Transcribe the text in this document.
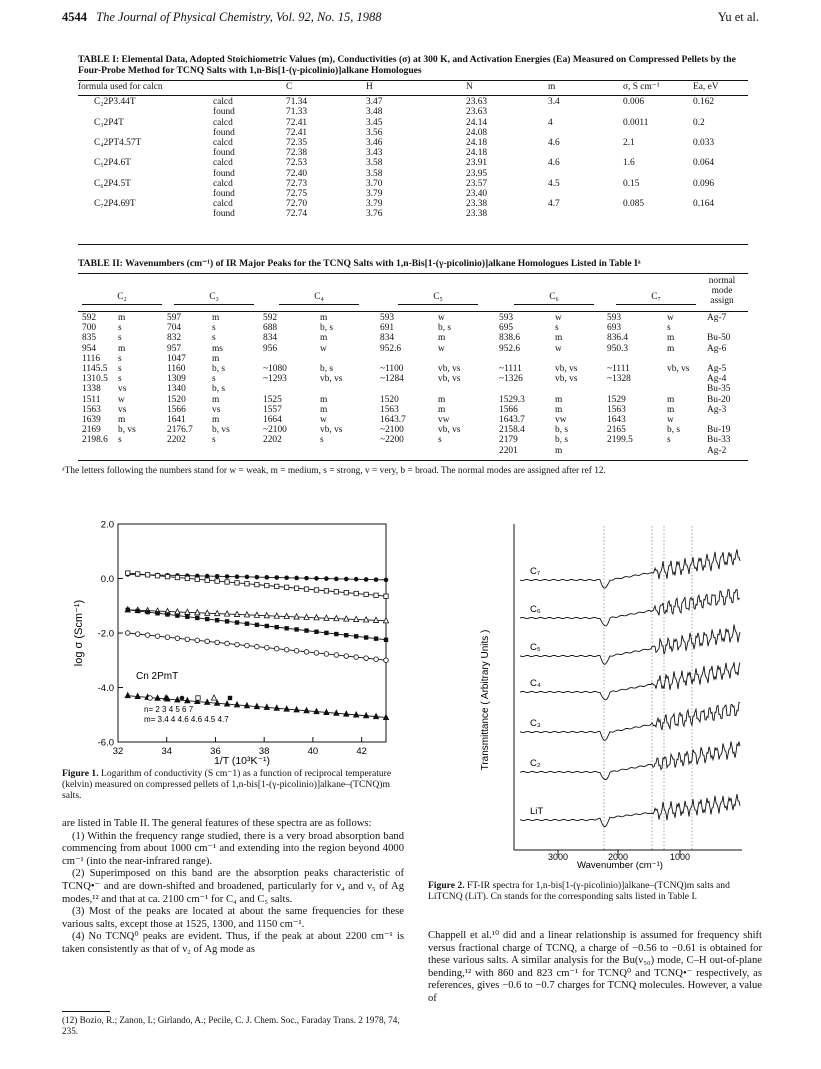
4544 The Journal of Physical Chemistry, Vol. 92, No. 15, 1988	Yu et al.
TABLE I: Elemental Data, Adopted Stoichiometric Values (m), Conductivities (σ) at 300 K, and Activation Energies (Ea) Measured on Compressed Pellets by the Four-Probe Method for TCNQ Salts with 1,n-Bis[1-(γ-picolinio)]alkane Homologues
formula used for calcn		C	H	N	m	σ, S cm⁻¹	Ea, eV
C₂2P3.44T	calcd	71.34	3.47	23.63	3.4	0.006	0.162
	found	71.33	3.48	23.63			
C₃2P4T	calcd	72.41	3.45	24.14	4	0.0011	0.2
	found	72.41	3.56	24.08			
C₄2PT4.57T	calcd	72.35	3.46	24.18	4.6	2.1	0.033
	found	72.38	3.43	24.18			
C₅2P4.6T	calcd	72.53	3.58	23.91	4.6	1.6	0.064
	found	72.40	3.58	23.95			
C₆2P4.5T	calcd	72.73	3.70	23.57	4.5	0.15	0.096
	found	72.75	3.79	23.40			
C₇2P4.69T	calcd	72.70	3.79	23.38	4.7	0.085	0.164
	found	72.74	3.76	23.38			
TABLE II: Wavenumbers (cm⁻¹) of IR Major Peaks for the TCNQ Salts with 1,n-Bis[1-(γ-picolinio)]alkane Homologues Listed in Table Iᵃ
C₂	C₃	C₄	C₅	C₆	C₇
normal
mode
assign
592	m	597	m	592	m	593	w	593	w	593	w	Ag-7
700	s	704	s	688	b, s	691	b, s	695	s	693	s	
835	s	832	s	834	m	834	m	838.6	m	836.4	m	Bu-50
954	m	957	ms	956	w	952.6	w	952.6	w	950.3	m	Ag-6
1116	s	1047	m									
1145.5	s	1160	b, s	~1080	b, s	~1100	vb, vs	~1111	vb, vs	~1111	vb, vs	Ag-5
1310.5	s	1309	s	~1293	vb, vs	~1284	vb, vs	~1326	vb, vs	~1328		Ag-4
1338	vs	1340	b, s									Bu-35
1511	w	1520	m	1525	m	1520	m	1529.3	m	1529	m	Bu-20
1563	vs	1566	vs	1557	m	1563	m	1566	m	1563	m	Ag-3
1639	m	1641	m	1664	w	1643.7	vw	1643.7	vw	1643	w	
2169	b, vs	2176.7	b, vs	~2100	vb, vs	~2100	vb, vs	2158.4	b, s	2165	b, s	Bu-19
2198.6	s	2202	s	2202	s	~2200	s	2179	b, s	2199.5	s	Bu-33
								2201	m			Ag-2
ᵃThe letters following the numbers stand for w = weak, m = medium, s = strong, v = very, b = broad. The normal modes are assigned after ref 12.
2.0
0.0
-2.0
-4.0
-6.0
32	34	36	38	40	42
log σ (Scm⁻¹)
1/T (10³K⁻¹)
Cn 2PmT
n= 2 3 4 5 6 7
m= 3.4 4 4.6 4.6 4.5 4.7
Figure 1. Logarithm of conductivity (S cm⁻1) as a function of reciprocal temperature (kelvin) measured on compressed pellets of 1,n-bis[1-(γ-picolinio)]alkane–(TCNQ)m salts.
are listed in Table II. The general features of these spectra are as follows:
(1) Within the frequency range studied, there is a very broad absorption band commencing from about 1000 cm⁻¹ and extending into the region beyond 4000 cm⁻¹ (into the near-infrared range).
(2) Superimposed on this band are the absorption peaks characteristic of TCNQ•⁻ and are down-shifted and broadened, particularly for ν₄ and ν₅ of Ag modes,¹² and that at ca. 2100 cm⁻¹ for C₄ and C₅ salts.
(3) Most of the peaks are located at about the same frequencies for these various salts, except those at 1525, 1300, and 1150 cm⁻¹.
(4) No TCNQ⁰ peaks are evident. Thus, if the peak at about 2200 cm⁻¹ is taken consistently as that of ν₂ of Ag mode as
(12) Bozio, R.; Zanon, I.; Girlando, A.; Pecile, C. J. Chem. Soc., Faraday Trans. 2 1978, 74, 235.
C₇
C₆
C₅
C₄
C₃
C₂
LiT
3000	2000	1000
Transmittance ( Arbitrary Units )
Wavenumber (cm⁻¹)
Figure 2. FT-IR spectra for 1,n-bis[1-(γ-picolinio)]alkane–(TCNQ)m salts and LiTCNQ (LiT). Cn stands for the corresponding salts listed in Table I.
Chappell et al.¹⁰ did and a linear relationship is assumed for frequency shift versus fractional charge of TCNQ, a charge of −0.56 to −0.61 is obtained for these various salts. A similar analysis for the Bu(ν₅₀) mode, C–H out-of-plane bending,¹² with 860 and 823 cm⁻¹ for TCNQ⁰ and TCNQ•⁻ respectively, as references, gives −0.6 to −0.7 charges for TCNQ molecules. However, a value of
